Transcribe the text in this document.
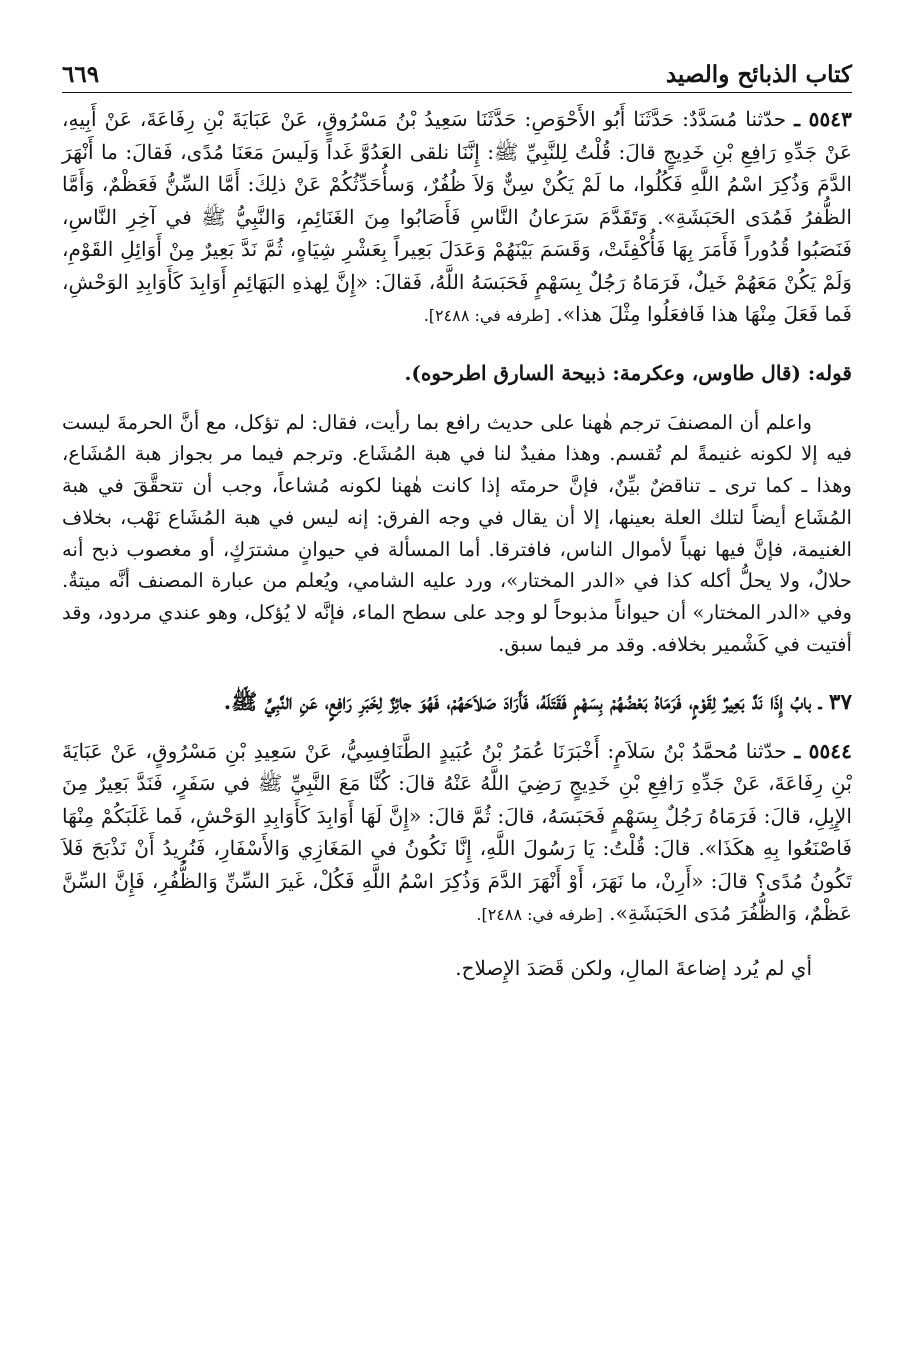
كتاب الذبائح والصيد
٦٦٩

٥٥٤٣ ـ حدّثنا مُسَدَّدٌ: حَدَّثَنَا أَبُو الأَحْوَصِ: حَدَّثَنَا سَعِيدُ بْنُ مَسْرُوقٍ، عَنْ عَبَايَةَ بْنِ رِفَاعَةَ، عَنْ أَبِيهِ، عَنْ جَدِّهِ رَافِعِ بْنِ خَدِيجٍ قالَ: قُلْتُ لِلنَّبِيِّ ﷺ: إِنَّنَا نلقى العَدُوَّ غَداً وَلَيسَ مَعَنَا مُدًى، فَقالَ: ما أَنْهَرَ الدَّمَ وَذُكِرَ اسْمُ اللَّهِ فَكُلُوا، ما لَمْ يَكُنْ سِنٌّ وَلاَ ظُفُرٌ، وَسأُحَدِّثُكُمْ عَنْ ذلِكَ: أَمَّا السِّنُّ فَعَظْمٌ، وَأَمَّا الظُّفرُ فَمُدَى الحَبَشَةِ». وَتَقَدَّمَ سَرَعانُ النَّاسِ فَأَصَابُوا مِنَ الغَنَائِمِ، وَالنَّبِيُّ ﷺ في آخِرِ النَّاسِ، فَنَصَبُوا قُدُوراً فَأَمَرَ بِهَا فَأُكْفِئَتْ، وَقَسَمَ بَيْنَهُمْ وَعَدَلَ بَعِيراً بِعَشْرِ شِيَاهٍ، ثُمَّ نَدَّ بَعِيرٌ مِنْ أَوَائِلِ القَوْمِ، وَلَمْ يَكُنْ مَعَهُمْ خَيلٌ، فَرَمَاهُ رَجُلٌ بِسَهْمٍ فَحَبَسَهُ اللَّهُ، فَقالَ: «إِنَّ لِهذهِ البَهَائِمِ أَوَابِدَ كَأَوَابِدِ الوَحْشِ، فَما فَعَلَ مِنْهَا هذا فَافعَلُوا مِثْلَ هذا». [طرفه في: ٢٤٨٨].

قوله: (قال طاوس، وعكرمة: ذبيحة السارق اطرحوه).

واعلم أن المصنفَ ترجم هٰهنا على حديث رافع بما رأيت، فقال: لم تؤكل، مع أنَّ الحرمةَ ليست فيه إلا لكونه غنيمةً لم تُقسم. وهذا مفيدٌ لنا في هبة المُشَاع. وترجم فيما مر بجواز هبة المُشَاع، وهذا ـ كما ترى ـ تناقضٌ بيِّنٌ، فإنَّ حرمتَه إذا كانت هٰهنا لكونه مُشاعاً، وجب أن تتحقَّقَ في هبة المُشَاع أيضاً لتلك العلة بعينها، إلا أن يقال في وجه الفرق: إنه ليس في هبة المُشَاع نَهْب، بخلاف الغنيمة، فإنَّ فيها نهباً لأموال الناس، فافترقا. أما المسألة في حيوانٍ مشترَكٍ، أو مغصوب ذبح أنه حلالٌ، ولا يحلُّ أكله كذا في «الدر المختار»، ورد عليه الشامي، ويُعلم من عبارة المصنف أنَّه ميتةٌ. وفي «الدر المختار» أن حيواناً مذبوحاً لو وجد على سطح الماء، فإنَّه لا يُؤكل، وهو عندي مردود، وقد أفتيت في كَشْمير بخلافه. وقد مر فيما سبق.

٣٧ ـ بابُ إِذَا نَدَّ بَعِيرٌ لِقَوْمٍ، فَرَمَاهُ بَعْضُهُمْ بِسَهْمٍ فَقَتَلَهُ، فَأَرَادَ صَلاَحَهُمْ، فَهُوَ جائِزٌ لِخَبَرِ رَافِعٍ، عَنِ النَّبِيِّ ﷺ.

٥٥٤٤ ـ حدّثنا مُحمَّدُ بْنُ سَلاَمٍ: أَخْبَرَنَا عُمَرُ بْنُ عُبَيدٍ الطَّنَافِسِيُّ، عَنْ سَعِيدِ بْنِ مَسْرُوقٍ، عَنْ عَبَايَةَ بْنِ رِفَاعَةَ، عَنْ جَدِّهِ رَافِعِ بْنِ خَدِيجٍ رَضِيَ اللَّهُ عَنْهُ قالَ: كُنَّا مَعَ النَّبِيِّ ﷺ في سَفَرٍ، فَنَدَّ بَعِيرٌ مِنَ الإِبِلِ، قالَ: فَرَمَاهُ رَجُلٌ بِسَهْمٍ فَحَبَسَهُ، قالَ: ثُمَّ قالَ: «إِنَّ لَهَا أَوَابِدَ كَأَوَابِدِ الوَحْشِ، فَما غَلَبَكُمْ مِنْهَا فَاصْنَعُوا بِهِ هكَذَا». قالَ: قُلْتُ: يَا رَسُولَ اللَّهِ، إِنَّا نَكُونُ في المَغَازِي وَالأَسْفَارِ، فَنُرِيدُ أَنْ نَذْبَحَ فَلاَ تَكُونُ مُدًى؟ قالَ: «أَرِنْ، ما نَهَرَ، أَوْ أَنْهَرَ الدَّمَ وَذُكِرَ اسْمُ اللَّهِ فَكُلْ، غَيرَ السِّنِّ وَالظُّفُرِ، فَإِنَّ السِّنَّ عَظْمٌ، وَالظُّفُرَ مُدَى الحَبَشَةِ». [طرفه في: ٢٤٨٨].

أي لم يُرد إضاعةَ المالِ، ولكن قَصَدَ الإِصلاح.
